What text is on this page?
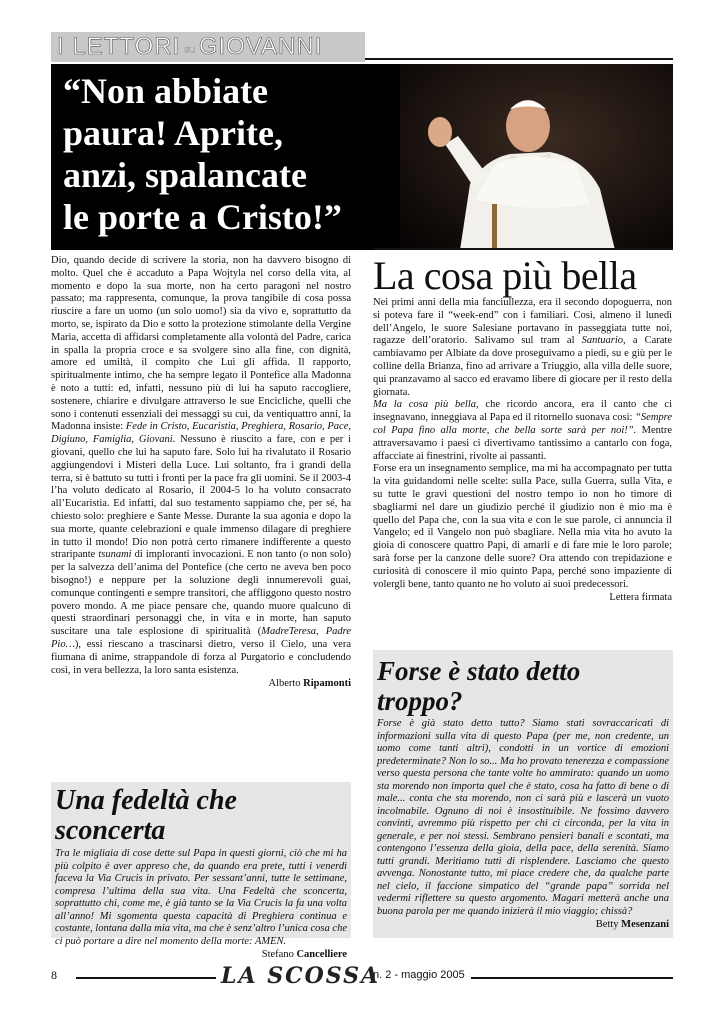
I LETTORI su GIOVANNI
“Non abbiate
paura! Aprite,
anzi, spalancate
le porte a Cristo!”

Dio, quando decide di scrivere la storia, non ha davvero bisogno di molto. Quel che è accaduto a Papa Wojtyla nel corso della vita, al momento e dopo la sua morte, non ha certo paragoni nel nostro passato; ma rappresenta, comunque, la prova tangibile di cosa possa riuscire a fare un uomo (un solo uomo!) sia da vivo e, soprattutto da morto, se, ispirato da Dio e sotto la protezione stimolante della Vergine Maria, accetta di affidarsi completamente alla volontà del Padre, carica in spalla la propria croce e sa svolgere sino alla fine, con dignità, amore ed umiltà, il compito che Lui gli affida. Il rapporto, spiritualmente intimo, che ha sempre legato il Pontefice alla Madonna è noto a tutti: ed, infatti, nessuno più di lui ha saputo raccogliere, sostenere, chiarire e divulgare attraverso le sue Encicliche, quelli che sono i contenuti essenziali dei messaggi su cui, da ventiquattro anni, la Madonna insiste: Fede in Cristo, Eucaristia, Preghiera, Rosario, Pace, Digiuno, Famiglia, Giovani. Nessuno è riuscito a fare, con e per i giovani, quello che lui ha saputo fare. Solo lui ha rivalutato il Rosario aggiungendovi i Misteri della Luce. Lui soltanto, fra i grandi della terra, si è battuto su tutti i fronti per la pace fra gli uomini. Se il 2003-4 l’ha voluto dedicato al Rosario, il 2004-5 lo ha voluto consacrato all’Eucaristia. Ed infatti, dal suo testamento sappiamo che, per sé, ha chiesto solo: preghiere e Sante Messe. Durante la sua agonia e dopo la sua morte, quante celebrazioni e quale immenso dilagare di preghiere in tutto il mondo! Dio non potrà certo rimanere indifferente a questo straripante tsunami di imploranti invocazioni. E non tanto (o non solo) per la salvezza dell’anima del Pontefice (che certo ne aveva ben poco bisogno!) e neppure per la soluzione degli innumerevoli guai, comunque contingenti e sempre transitori, che affliggono questo nostro povero mondo. A me piace pensare che, quando muore qualcuno di questi straordinari personaggi che, in vita e in morte, han saputo suscitare una tale esplosione di spiritualità (MadreTeresa, Padre Pio…), essi riescano a trascinarsi dietro, verso il Cielo, una vera fiumana di anime, strappandole di forza al Purgatorio e concludendo così, in vera bellezza, la loro santa esistenza.

Alberto Ripamonti
La cosa più bella

Nei primi anni della mia fanciullezza, era il secondo dopoguerra, non si poteva fare il “week-end” con i familiari. Così, almeno il lunedì dell’Angelo, le suore Salesiane portavano in passeggiata tutte noi, ragazze dell’oratorio. Salivamo sul tram al Santuario, a Carate cambiavamo per Albiate da dove proseguivamo a piedi, su e giù per le colline della Brianza, fino ad arrivare a Triuggio, alla villa delle suore, qui pranzavamo al sacco ed eravamo libere di giocare per il resto della giornata.

Ma la cosa più bella, che ricordo ancora, era il canto che ci insegnavano, inneggiava al Papa ed il ritornello suonava così: “Sempre col Papa fino alla morte, che bella sorte sarà per noi!”. Mentre attraversavamo i paesi ci divertivamo tantissimo a cantarlo con foga, affacciate ai finestrini, rivolte ai passanti.

Forse era un insegnamento semplice, ma mi ha accompagnato per tutta la vita guidandomi nelle scelte: sulla Pace, sulla Guerra, sulla Vita, e su tutte le gravi questioni del nostro tempo io non ho timore di sbagliarmi nel dare un giudizio perché il giudizio non è mio ma è quello del Papa che, con la sua vita e con le sue parole, ci annuncia il Vangelo; ed il Vangelo non può sbagliare. Nella mia vita ho avuto la gioia di conoscere quattro Papi, di amarli e di fare mie le loro parole; sarà forse per la canzone delle suore? Ora attendo con trepidazione e curiosità di conoscere il mio quinto Papa, perché sono impaziente di volergli bene, tanto quanto ne ho voluto ai suoi predecessori.

Lettera firmata
Forse è stato detto troppo?
Forse è già stato detto tutto? Siamo stati sovraccaricati di informazioni sulla vita di questo Papa (per me, non credente, un uomo come tanti altri), condotti in un vortice di emozioni predeterminate? Non lo so... Ma ho provato tenerezza e compassione verso questa persona che tante volte ho ammirato: quando un uomo sta morendo non importa quel che è stato, cosa ha fatto di bene o di male... conta che sta morendo, non ci sarà più e lascerà un vuoto incolmabile. Ognuno di noi è insostituibile. Ne fossimo davvero convinti, avremmo più rispetto per chi ci circonda, per la vita in generale, e per noi stessi. Sembrano pensieri banali e scontati, ma contengono l’essenza della gioia, della pace, della serenità. Siamo tutti grandi. Meritiamo tutti di risplendere. Lasciamo che questo avvenga. Nonostante tutto, mi piace credere che, da qualche parte nel cielo, il faccione simpatico del “grande papa” sorrida nel vedermi riflettere su questo argomento. Magari metterà anche una buona parola per me quando inizierà il mio viaggio; chissà?
Betty Mesenzani
Una fedeltà che sconcerta
Tra le migliaia di cose dette sul Papa in questi giorni, ciò che mi ha più colpito è aver appreso che, da quando era prete, tutti i venerdì faceva la Via Crucis in privato. Per sessant’anni, tutte le settimane, compresa l’ultima della sua vita. Una Fedeltà che sconcerta, soprattutto chi, come me, è già tanto se la Via Crucis la fa una volta all’anno! Mi sgomenta questa capacità di Preghiera continua e costante, lontana dalla mia vita, ma che è senz’altro l’unica cosa che ci può portare a dire nel momento della morte: AMEN.
Stefano Cancelliere
8	LA SCOSSA
n. 2 - maggio 2005
